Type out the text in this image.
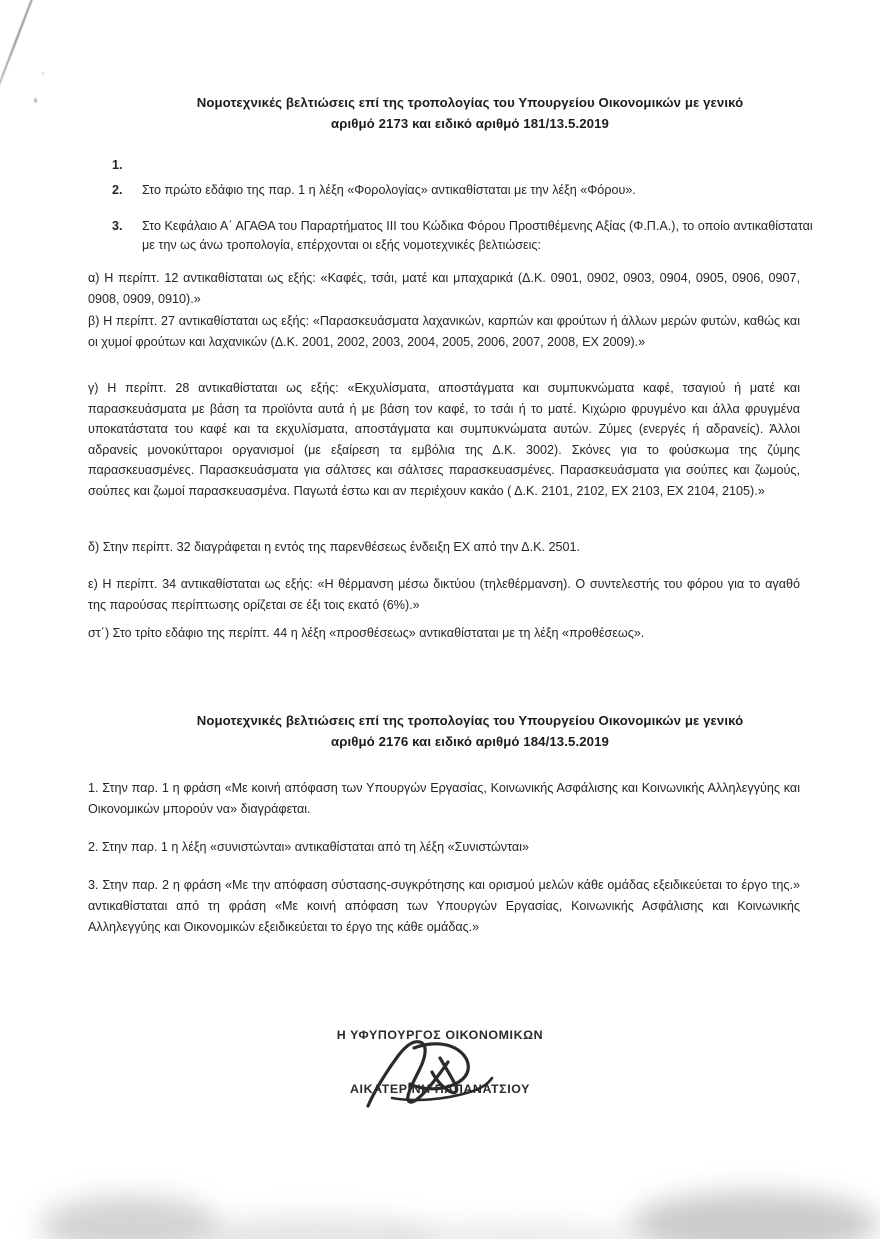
Νομοτεχνικές βελτιώσεις επί της τροπολογίας του Υπουργείου Οικονομικών με γενικό
αριθμό 2173 και ειδικό αριθμό 181/13.5.2019
1.
2.	Στο πρώτο εδάφιο της παρ. 1 η λέξη «Φορολογίας» αντικαθίσταται με την λέξη «Φόρου».
3.	Στο Κεφάλαιο Α΄ ΑΓΑΘΑ του Παραρτήματος ΙΙΙ του Κώδικα Φόρου Προστιθέμενης Αξίας (Φ.Π.Α.), το οποίο αντικαθίσταται με την ως άνω τροπολογία, επέρχονται οι εξής νομοτεχνικές βελτιώσεις:
α) Η περίπτ. 12 αντικαθίσταται ως εξής: «Καφές, τσάι, ματέ και μπαχαρικά (Δ.Κ. 0901, 0902, 0903, 0904, 0905, 0906, 0907, 0908, 0909, 0910).»
β) Η περίπτ. 27 αντικαθίσταται ως εξής: «Παρασκευάσματα λαχανικών, καρπών και φρούτων ή άλλων μερών φυτών, καθώς και οι χυμοί φρούτων και λαχανικών (Δ.Κ. 2001, 2002, 2003, 2004, 2005, 2006, 2007, 2008, ΕΧ 2009).»
γ) Η περίπτ. 28 αντικαθίσταται ως εξής: «Εκχυλίσματα, αποστάγματα και συμπυκνώματα καφέ, τσαγιού ή ματέ και παρασκευάσματα με βάση τα προϊόντα αυτά ή με βάση τον καφέ, το τσάι ή το ματέ. Κιχώριο φρυγμένο και άλλα φρυγμένα υποκατάστατα του καφέ και τα εκχυλίσματα, αποστάγματα και συμπυκνώματα αυτών. Ζύμες (ενεργές ή αδρανείς). Άλλοι αδρανείς μονοκύτταροι οργανισμοί (με εξαίρεση τα εμβόλια της Δ.Κ. 3002). Σκόνες για το φούσκωμα της ζύμης παρασκευασμένες. Παρασκευάσματα για σάλτσες και σάλτσες παρασκευασμένες. Παρασκευάσματα για σούπες και ζωμούς, σούπες και ζωμοί παρασκευασμένα. Παγωτά έστω και αν περιέχουν κακάο ( Δ.Κ. 2101, 2102, ΕΧ 2103, ΕΧ 2104, 2105).»
δ) Στην περίπτ. 32 διαγράφεται η εντός της παρενθέσεως ένδειξη ΕΧ από την Δ.Κ. 2501.
ε) Η περίπτ. 34 αντικαθίσταται ως εξής: «Η θέρμανση μέσω δικτύου (τηλεθέρμανση). Ο συντελεστής του φόρου για το αγαθό της παρούσας περίπτωσης ορίζεται σε έξι τοις εκατό (6%).»
στ΄) Στο τρίτο εδάφιο της περίπτ. 44 η λέξη «προσθέσεως» αντικαθίσταται με τη λέξη «προθέσεως».
Νομοτεχνικές βελτιώσεις επί της τροπολογίας του Υπουργείου Οικονομικών με γενικό
αριθμό 2176 και ειδικό αριθμό 184/13.5.2019
1. Στην παρ. 1 η φράση «Με κοινή απόφαση των Υπουργών Εργασίας, Κοινωνικής Ασφάλισης και Κοινωνικής Αλληλεγγύης και Οικονομικών μπορούν να» διαγράφεται.
2. Στην παρ. 1 η λέξη «συνιστώνται» αντικαθίσταται από τη λέξη «Συνιστώνται»
3. Στην παρ. 2 η φράση «Με την απόφαση σύστασης-συγκρότησης και ορισμού μελών κάθε ομάδας εξειδικεύεται το έργο της.» αντικαθίσταται από τη φράση «Με κοινή απόφαση των Υπουργών Εργασίας, Κοινωνικής Ασφάλισης και Κοινωνικής Αλληλεγγύης και Οικονομικών εξειδικεύεται το έργο της κάθε ομάδας.»
Η ΥΦΥΠΟΥΡΓΟΣ ΟΙΚΟΝΟΜΙΚΩΝ
ΑΙΚΑΤΕΡΙΝΗ ΠΑΠΑΝΑΤΣΙΟΥ
